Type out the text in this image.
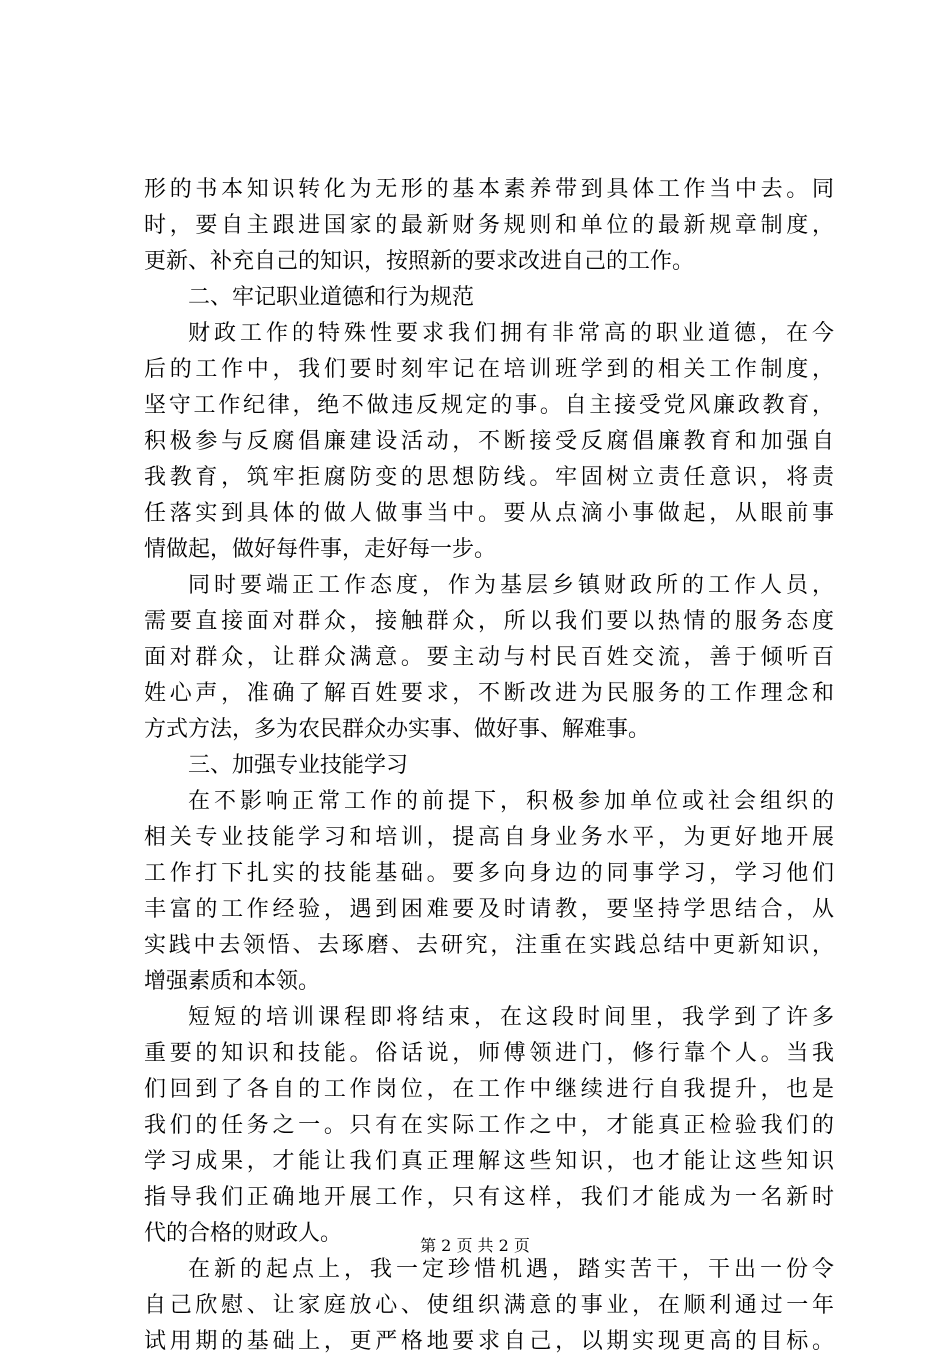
形的书本知识转化为无形的基本素养带到具体工作当中去。同
时，要自主跟进国家的最新财务规则和单位的最新规章制度，
更新、补充自己的知识，按照新的要求改进自己的工作。
二、牢记职业道德和行为规范
财政工作的特殊性要求我们拥有非常高的职业道德，在今
后的工作中，我们要时刻牢记在培训班学到的相关工作制度，
坚守工作纪律，绝不做违反规定的事。自主接受党风廉政教育，
积极参与反腐倡廉建设活动，不断接受反腐倡廉教育和加强自
我教育，筑牢拒腐防变的思想防线。牢固树立责任意识，将责
任落实到具体的做人做事当中。要从点滴小事做起，从眼前事
情做起，做好每件事，走好每一步。
同时要端正工作态度，作为基层乡镇财政所的工作人员，
需要直接面对群众，接触群众，所以我们要以热情的服务态度
面对群众，让群众满意。要主动与村民百姓交流，善于倾听百
姓心声，准确了解百姓要求，不断改进为民服务的工作理念和
方式方法，多为农民群众办实事、做好事、解难事。
三、加强专业技能学习
在不影响正常工作的前提下，积极参加单位或社会组织的
相关专业技能学习和培训，提高自身业务水平，为更好地开展
工作打下扎实的技能基础。要多向身边的同事学习，学习他们
丰富的工作经验，遇到困难要及时请教，要坚持学思结合，从
实践中去领悟、去琢磨、去研究，注重在实践总结中更新知识，
增强素质和本领。
短短的培训课程即将结束，在这段时间里，我学到了许多
重要的知识和技能。俗话说，师傅领进门，修行靠个人。当我
们回到了各自的工作岗位，在工作中继续进行自我提升，也是
我们的任务之一。只有在实际工作之中，才能真正检验我们的
学习成果，才能让我们真正理解这些知识，也才能让这些知识
指导我们正确地开展工作，只有这样，我们才能成为一名新时
代的合格的财政人。
在新的起点上，我一定珍惜机遇，踏实苦干，干出一份令
自己欣慰、让家庭放心、使组织满意的事业，在顺利通过一年
试用期的基础上，更严格地要求自己，以期实现更高的目标。
第 2 页 共 2 页
